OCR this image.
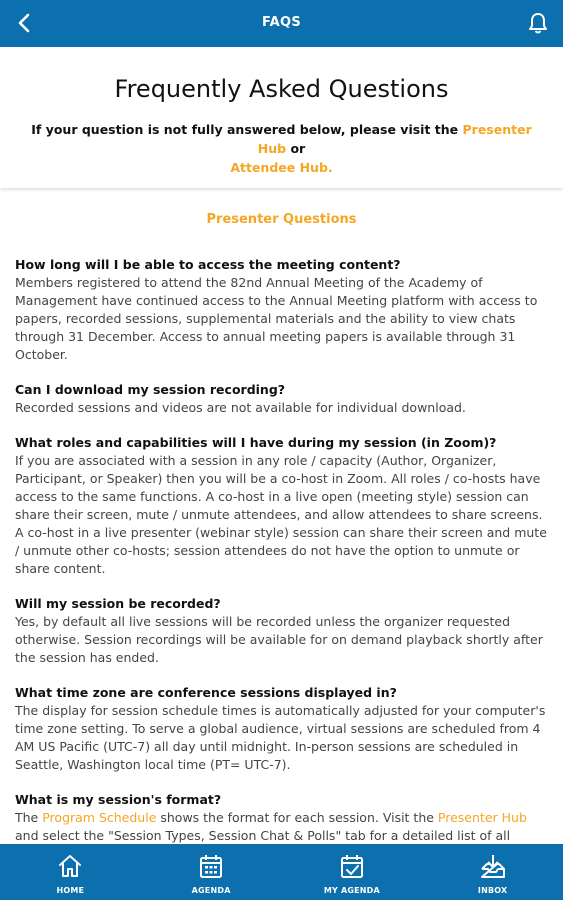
FAQS
Frequently Asked Questions

If your question is not fully answered below, please visit the Presenter Hub or
Attendee Hub.

Presenter Questions
How long will I be able to access the meeting content?
Members registered to attend the 82nd Annual Meeting of the Academy of Management have continued access to the Annual Meeting platform with access to papers, recorded sessions, supplemental materials and the ability to view chats through 31 December. Access to annual meeting papers is available through 31 October.
Can I download my session recording?
Recorded sessions and videos are not available for individual download.
What roles and capabilities will I have during my session (in Zoom)?
If you are associated with a session in any role / capacity (Author, Organizer, Participant, or Speaker) then you will be a co-host in Zoom. All roles / co-hosts have access to the same functions. A co-host in a live open (meeting style) session can share their screen, mute / unmute attendees, and allow attendees to share screens. A co-host in a live presenter (webinar style) session can share their screen and mute / unmute other co-hosts; session attendees do not have the option to unmute or share content.
Will my session be recorded?
Yes, by default all live sessions will be recorded unless the organizer requested otherwise. Session recordings will be available for on demand playback shortly after the session has ended.
What time zone are conference sessions displayed in?
The display for session schedule times is automatically adjusted for your computer's time zone setting. To serve a global audience, virtual sessions are scheduled from 4 AM US Pacific (UTC-7) all day until midnight. In-person sessions are scheduled in Seattle, Washington local time (PT= UTC-7).
What is my session's format?
The Program Schedule shows the format for each session. Visit the Presenter Hub and select the "Session Types, Session Chat & Polls" tab for a detailed list of all
HOME	AGENDA	MY AGENDA	INBOX
